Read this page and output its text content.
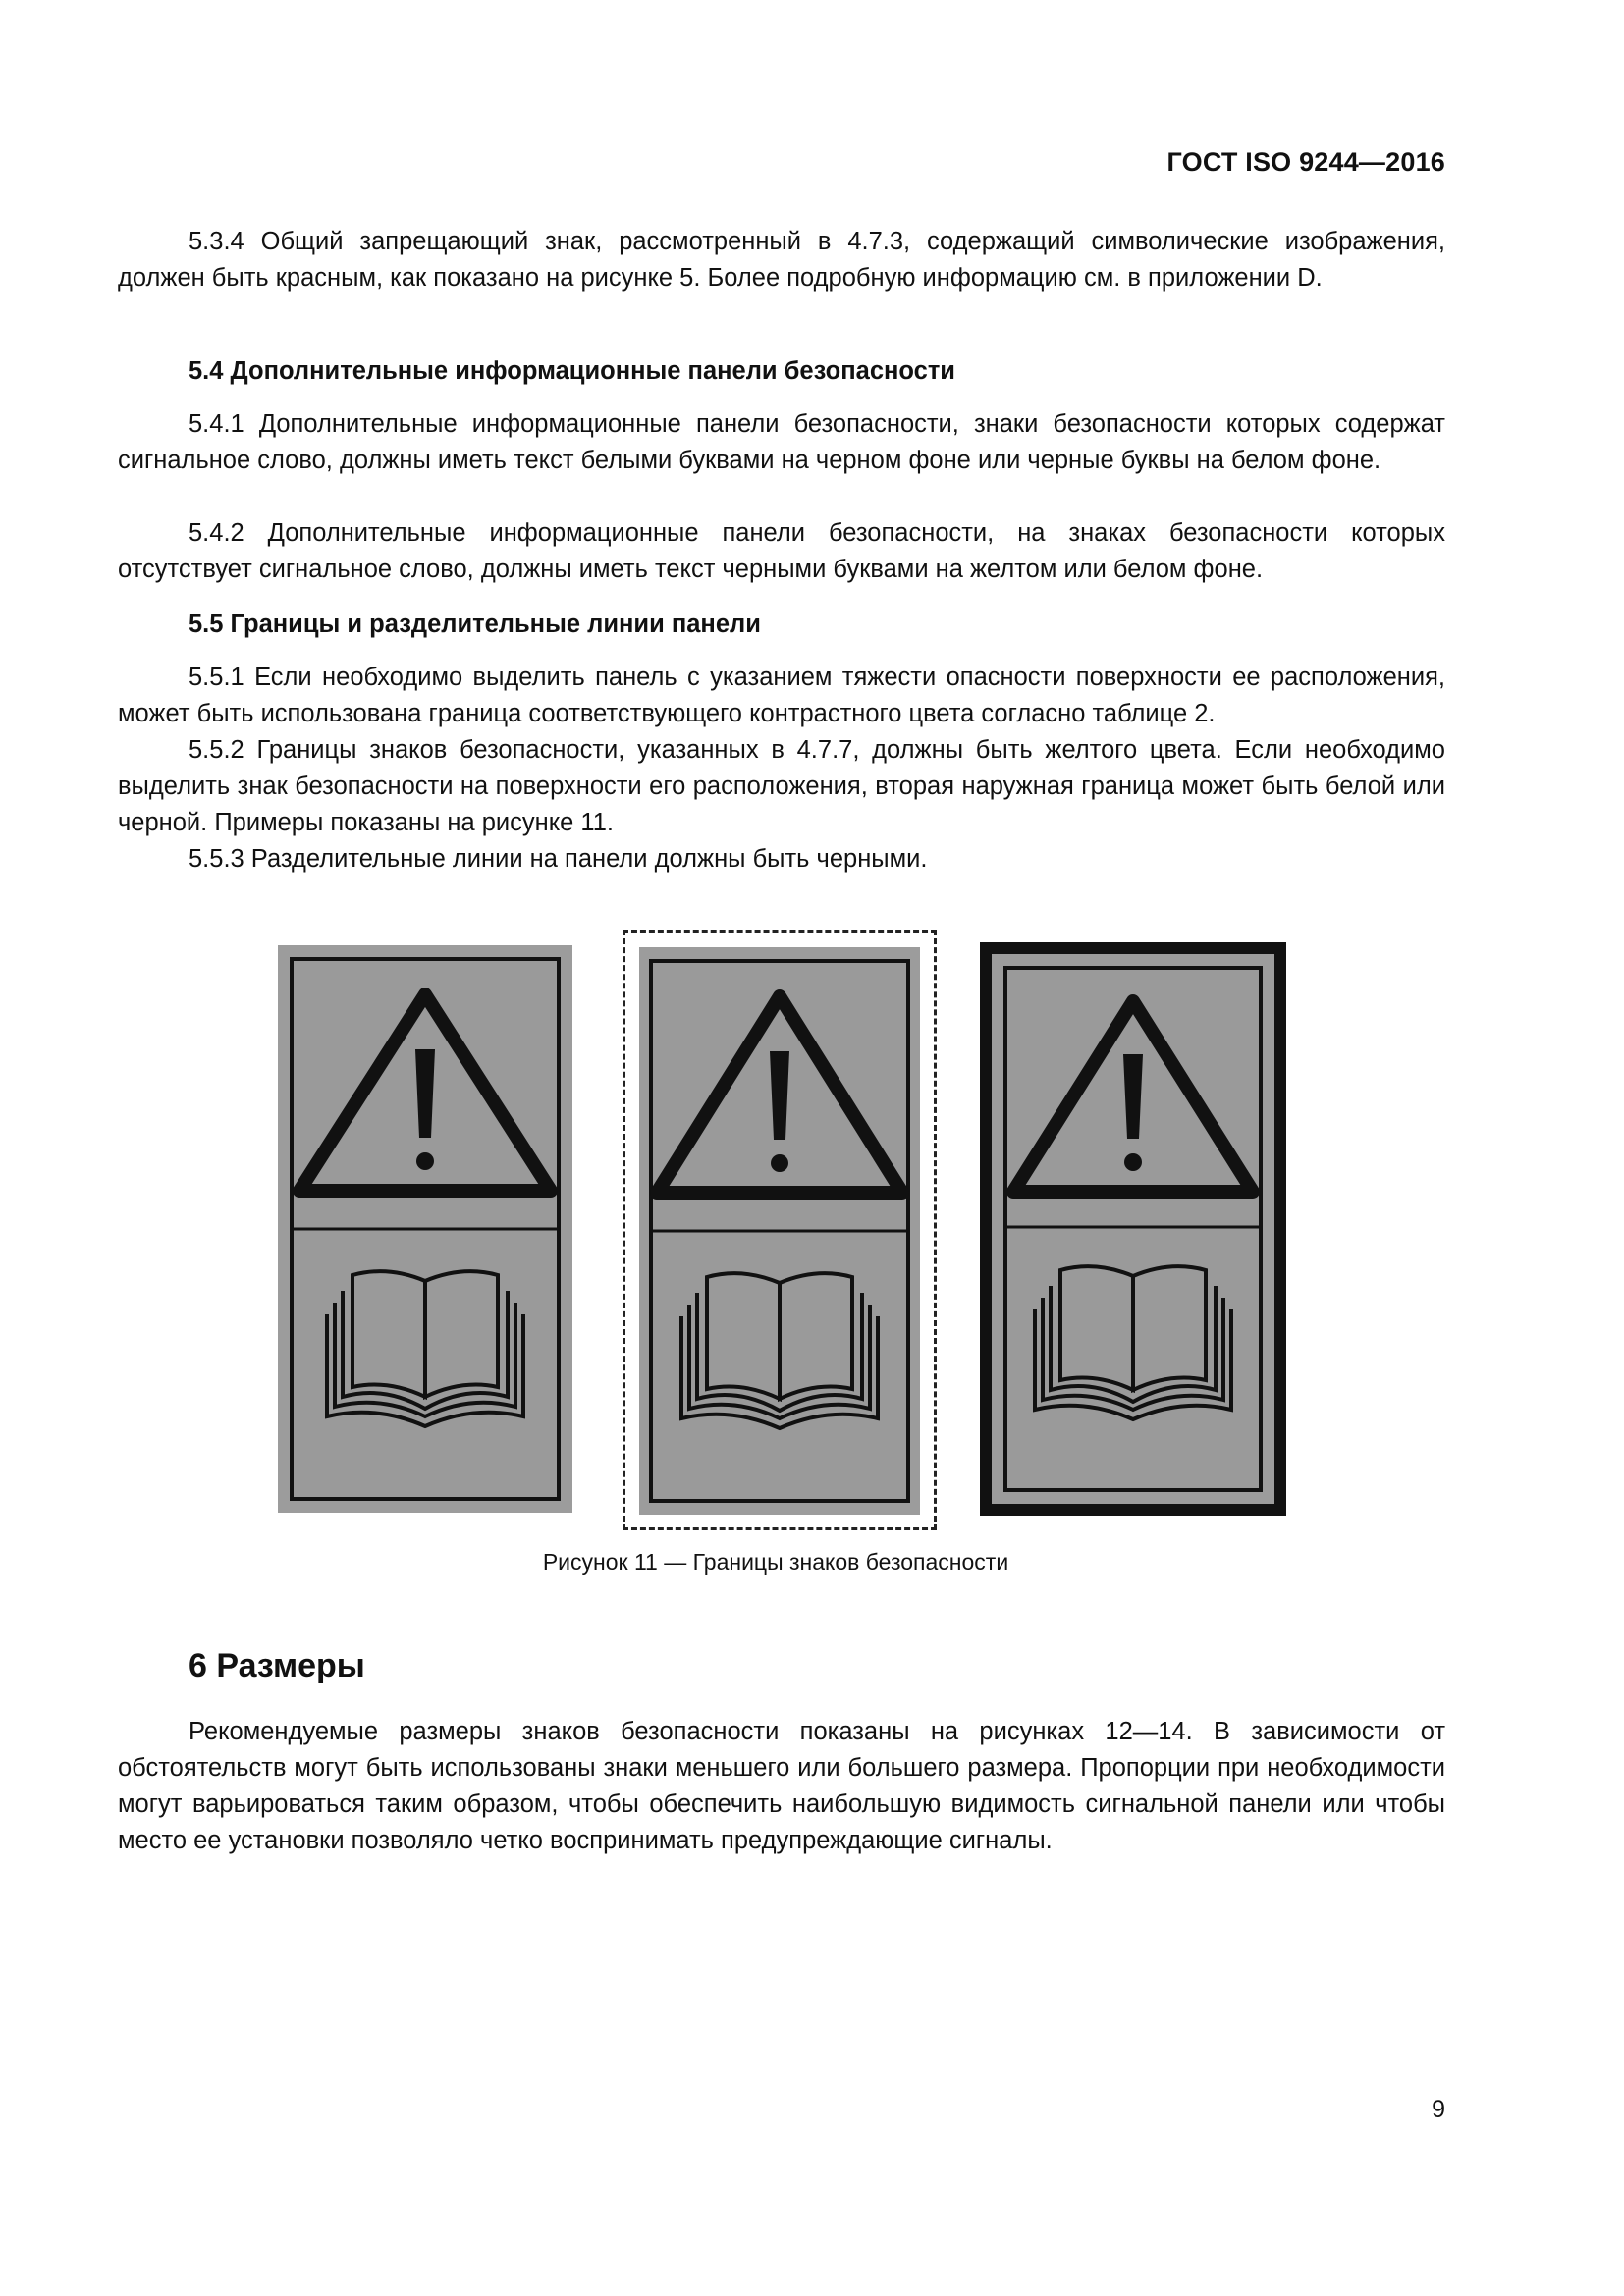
ГОСТ ISO 9244—2016

5.3.4 Общий запрещающий знак, рассмотренный в 4.7.3, содержащий символические изображения, должен быть красным, как показано на рисунке 5. Более подробную информацию см. в приложении D.

5.4 Дополнительные информационные панели безопасности

5.4.1 Дополнительные информационные панели безопасности, знаки безопасности которых содержат сигнальное слово, должны иметь текст белыми буквами на черном фоне или черные буквы на белом фоне.

5.4.2 Дополнительные информационные панели безопасности, на знаках безопасности которых отсутствует сигнальное слово, должны иметь текст черными буквами на желтом или белом фоне.

5.5 Границы и разделительные линии панели

5.5.1 Если необходимо выделить панель с указанием тяжести опасности поверхности ее расположения, может быть использована граница соответствующего контрастного цвета согласно таблице 2.

5.5.2 Границы знаков безопасности, указанных в 4.7.7, должны быть желтого цвета. Если необходимо выделить знак безопасности на поверхности его расположения, вторая наружная граница может быть белой или черной. Примеры показаны на рисунке 11.

5.5.3 Разделительные линии на панели должны быть черными.

Рисунок 11 — Границы знаков безопасности

6 Размеры

Рекомендуемые размеры знаков безопасности показаны на рисунках 12—14. В зависимости от обстоятельств могут быть использованы знаки меньшего или большего размера. Пропорции при необходимости могут варьироваться таким образом, чтобы обеспечить наибольшую видимость сигнальной панели или чтобы место ее установки позволяло четко воспринимать предупреждающие сигналы.

9
